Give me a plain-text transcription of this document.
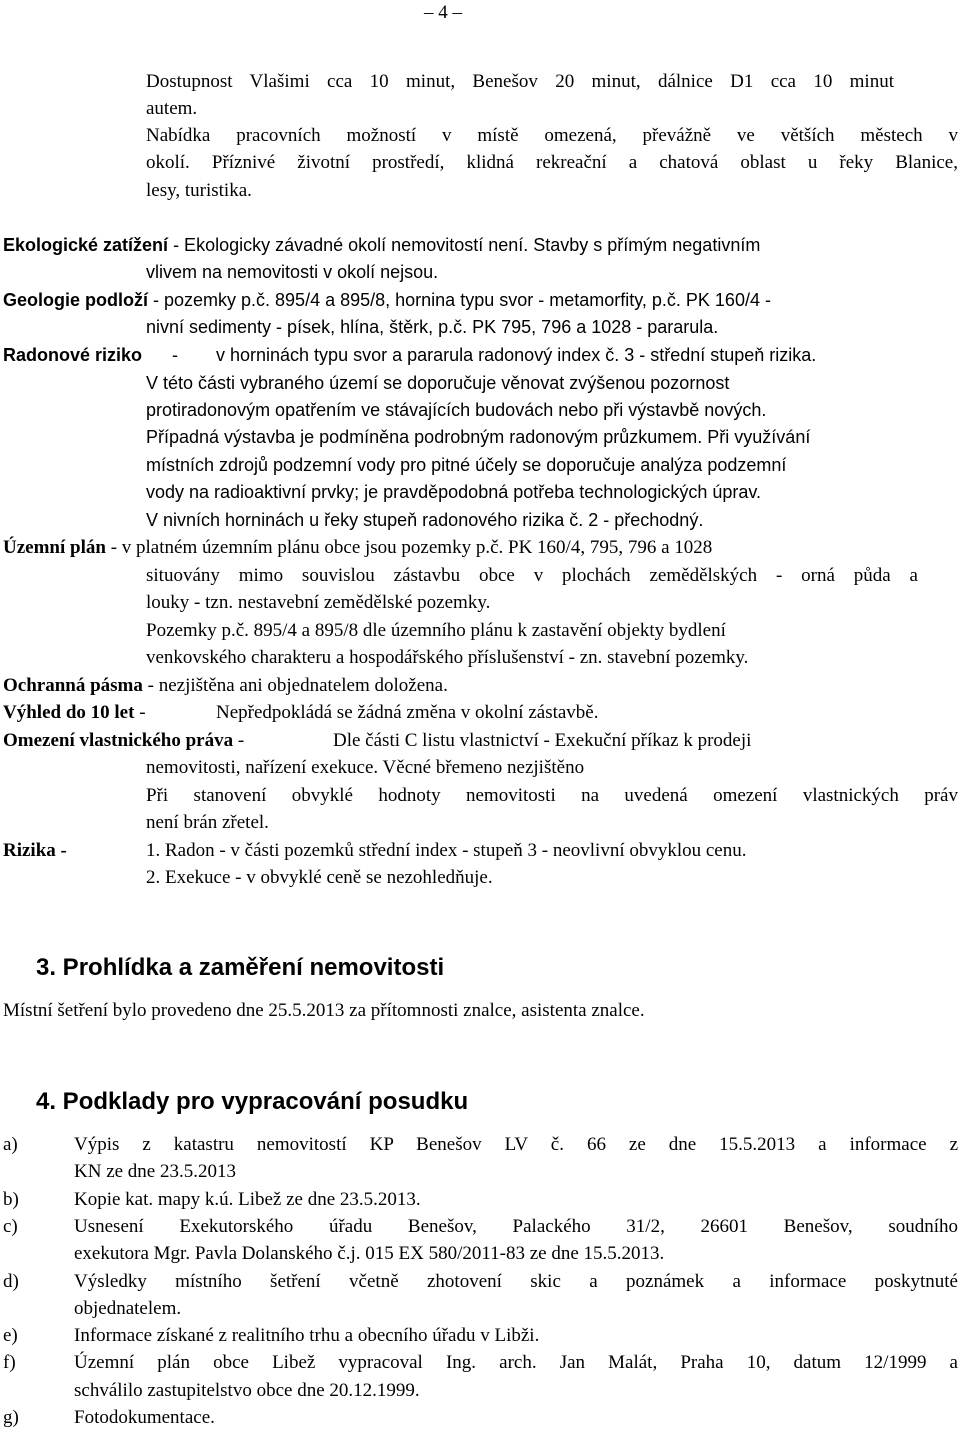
– 4 –
Dostupnost Vlašimi cca 10 minut, Benešov 20 minut, dálnice D1 cca 10 minut
autem.
Nabídka pracovních možností v místě omezená, převážně ve větších městech v
okolí. Příznivé životní prostředí, klidná rekreační a chatová oblast u řeky Blanice,
lesy, turistika.
Ekologické zatížení - Ekologicky závadné okolí nemovitostí není. Stavby s přímým negativním
vlivem na nemovitosti v okolí nejsou.
Geologie podloží - pozemky p.č. 895/4 a 895/8, hornina typu svor - metamorfity, p.č. PK 160/4 -
nivní sedimenty - písek, hlína, štěrk, p.č. PK 795, 796 a 1028 - pararula.
Radonové riziko - v horninách typu svor a pararula radonový index č. 3 - střední stupeň rizika.
V této části vybraného území se doporučuje věnovat zvýšenou pozornost
protiradonovým opatřením ve stávajících budovách nebo při výstavbě nových.
Případná výstavba je podmíněna podrobným radonovým průzkumem. Při využívání
místních zdrojů podzemní vody pro pitné účely se doporučuje analýza podzemní
vody na radioaktivní prvky; je pravděpodobná potřeba technologických úprav.
V nivních horninách u řeky stupeň radonového rizika č. 2 - přechodný.
Územní plán - v platném územním plánu obce jsou pozemky p.č. PK 160/4, 795, 796 a 1028
situovány mimo souvislou zástavbu obce v plochách zemědělských - orná půda a
louky - tzn. nestavební zemědělské pozemky.
Pozemky p.č. 895/4 a 895/8 dle územního plánu k zastavění objekty bydlení
venkovského charakteru a hospodářského příslušenství - zn. stavební pozemky.
Ochranná pásma - nezjištěna ani objednatelem doložena.
Výhled do 10 let -	Nepředpokládá se žádná změna v okolní zástavbě.
Omezení vlastnického práva -	Dle části C listu vlastnictví - Exekuční příkaz k prodeji
nemovitosti, nařízení exekuce. Věcné břemeno nezjištěno
Při stanovení obvyklé hodnoty nemovitosti na uvedená omezení vlastnických práv
není brán zřetel.
Rizika -	1. Radon - v části pozemků střední index - stupeň 3 - neovlivní obvyklou cenu.
2. Exekuce - v obvyklé ceně se nezohledňuje.
3. Prohlídka a zaměření nemovitosti
Místní šetření bylo provedeno dne 25.5.2013 za přítomnosti znalce, asistenta znalce.
4. Podklady pro vypracování posudku
a)	Výpis z katastru nemovitostí KP Benešov LV č. 66 ze dne 15.5.2013 a informace z
KN ze dne 23.5.2013
b)	Kopie kat. mapy k.ú. Libež ze dne 23.5.2013.
c)	Usnesení Exekutorského úřadu Benešov, Palackého 31/2, 26601 Benešov, soudního
exekutora Mgr. Pavla Dolanského č.j. 015 EX 580/2011-83 ze dne 15.5.2013.
d)	Výsledky místního šetření včetně zhotovení skic a poznámek a informace poskytnuté
objednatelem.
e)	Informace získané z realitního trhu a obecního úřadu v Libži.
f)	Územní plán obce Libež vypracoval Ing. arch. Jan Malát, Praha 10, datum 12/1999 a
schválilo zastupitelstvo obce dne 20.12.1999.
g)	Fotodokumentace.
